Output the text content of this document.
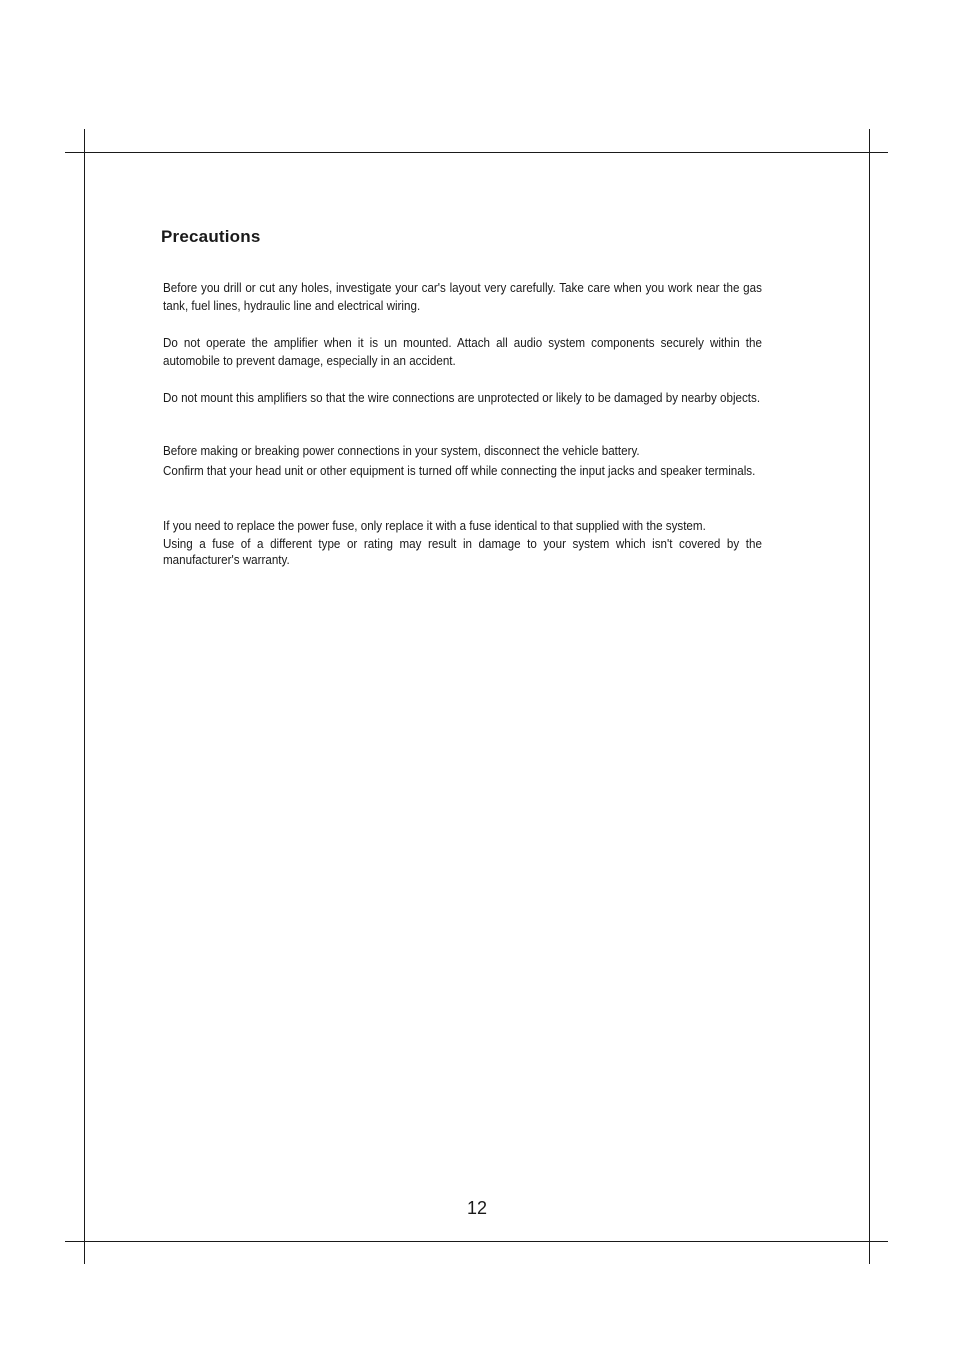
Precautions

Before you drill or cut any holes, investigate your car's layout very carefully. Take care when you work near the gas tank, fuel lines, hydraulic line and electrical wiring.

Do not operate the amplifier when it is un mounted. Attach all audio system components securely within the automobile to prevent damage, especially in an accident.

Do not mount this amplifiers so that the wire connections are unprotected or likely to be damaged by nearby objects.

Before making or breaking power connections in your system, disconnect the vehicle battery.

Confirm that your head unit or other equipment is turned off while connecting the input jacks and speaker terminals.

If you need to replace the power fuse, only replace it with a fuse identical to that supplied with the system.

Using a fuse of a different type or rating may result in damage to your system which isn't covered by the manufacturer's warranty.

12
